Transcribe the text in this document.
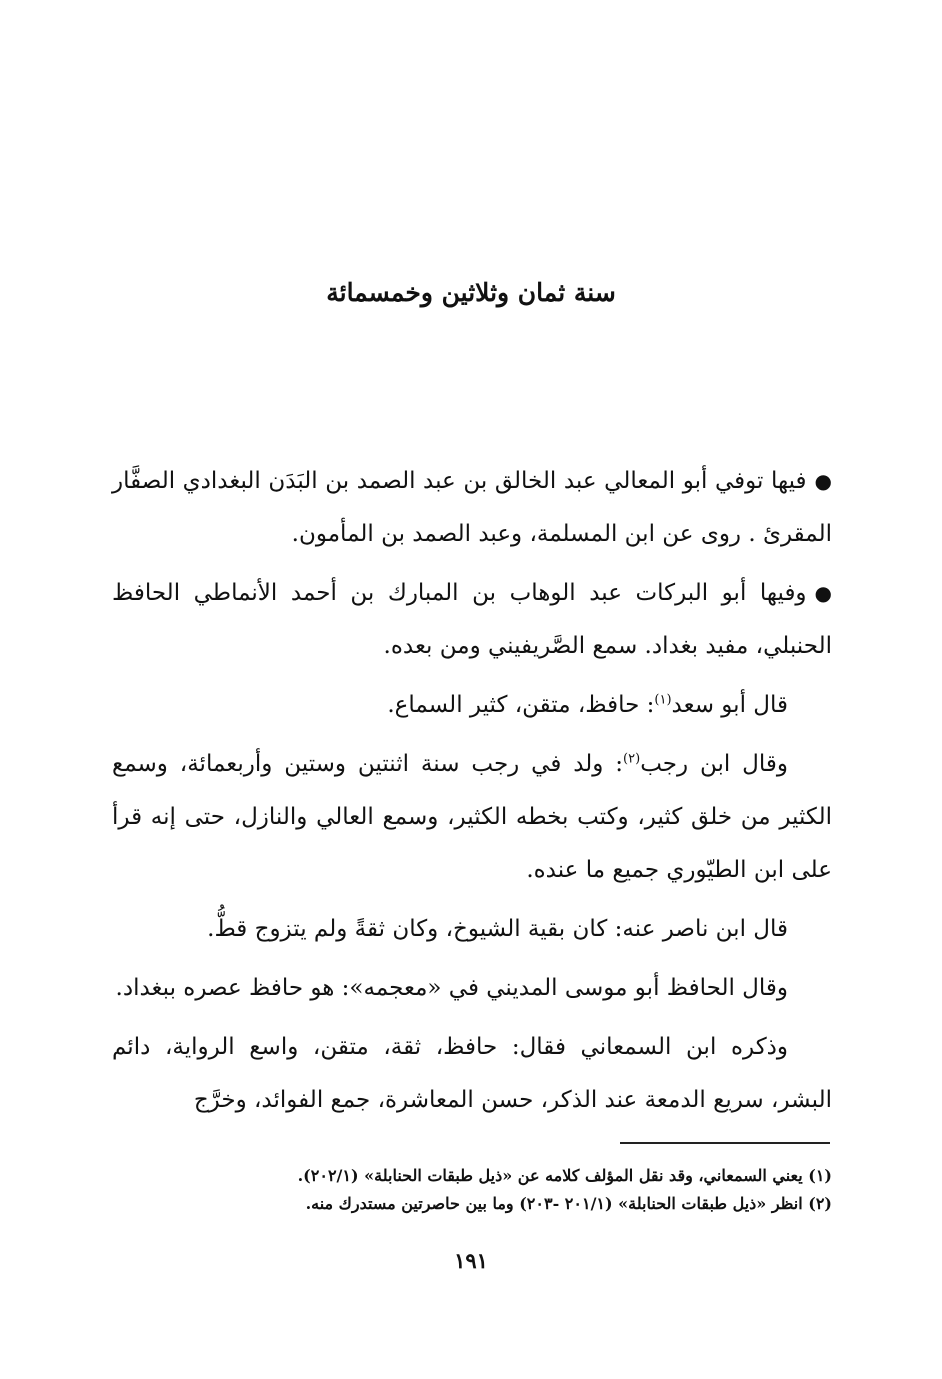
سنة ثمان وثلاثين وخمسمائة

●فيها توفي أبو المعالي عبد الخالق بن عبد الصمد بن البَدَن البغدادي الصفَّار المقرئ . روى عن ابن المسلمة، وعبد الصمد بن المأمون.

●وفيها أبو البركات عبد الوهاب بن المبارك بن أحمد الأنماطي الحافظ الحنبلي، مفيد بغداد. سمع الصَّريفيني ومن بعده.

قال أبو سعد$^{(١)}$: حافظ، متقن، كثير السماع.

وقال ابن رجب$^{(٢)}$: ولد في رجب سنة اثنتين وستين وأربعمائة، وسمع الكثير من خلق كثير، وكتب بخطه الكثير، وسمع العالي والنازل، حتى إنه قرأ على ابن الطيّوري جميع ما عنده.

قال ابن ناصر عنه: كان بقية الشيوخ، وكان ثقةً ولم يتزوج قطُّ.

وقال الحافظ أبو موسى المديني في «معجمه»: هو حافظ عصره ببغداد.

وذكره ابن السمعاني فقال: حافظ، ثقة، متقن، واسع الرواية، دائم البشر، سريع الدمعة عند الذكر، حسن المعاشرة، جمع الفوائد، وخرَّج

(١) يعني السمعاني، وقد نقل المؤلف كلامه عن «ذيل طبقات الحنابلة» (٢٠٢/١).

(٢) انظر «ذيل طبقات الحنابلة» (٢٠١/١ -٢٠٣) وما بين حاصرتين مستدرك منه.

١٩١
